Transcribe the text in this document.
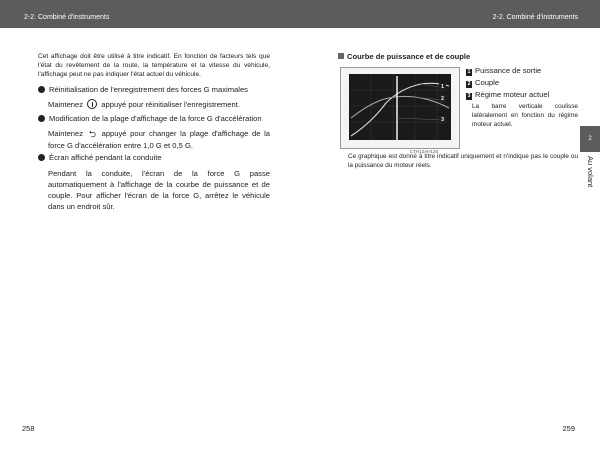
2-2. Combiné d'instruments	2-2. Combiné d'instruments
Cet affichage doit être utilisé à titre indicatif. En fonction de facteurs tels que l'état du revêtement de la route, la température et la vitesse du véhicule, l'affichage peut ne pas indiquer l'état actuel du véhicule.
Réinitialisation de l'enregistrement des forces G maximales
Maintenez appuyé pour réinitialiser l'enregistrement.
Modification de la plage d'affichage de la force G d'accélération
Maintenez ⮌ appuyé pour changer la plage d'affichage de la force G d'accélération entre 1,0 G et 0,5 G.
Écran affiché pendant la conduite
Pendant la conduite, l'écran de la force G passe automatiquement à l'affichage de la courbe de puissance et de couple. Pour afficher l'écran de la force G, arrêtez le véhicule dans un endroit sûr.
258
Courbe de puissance et de couple
1
2
3
CTH12AH128
1 Puissance de sortie
2 Couple
3 Régime moteur actuel
La barre verticale coulisse latéralement en fonction du régime moteur actuel.
Ce graphique est donné à titre indicatif uniquement et n'indique pas le couple ou la puissance du moteur réels.
2
Au volant
259
